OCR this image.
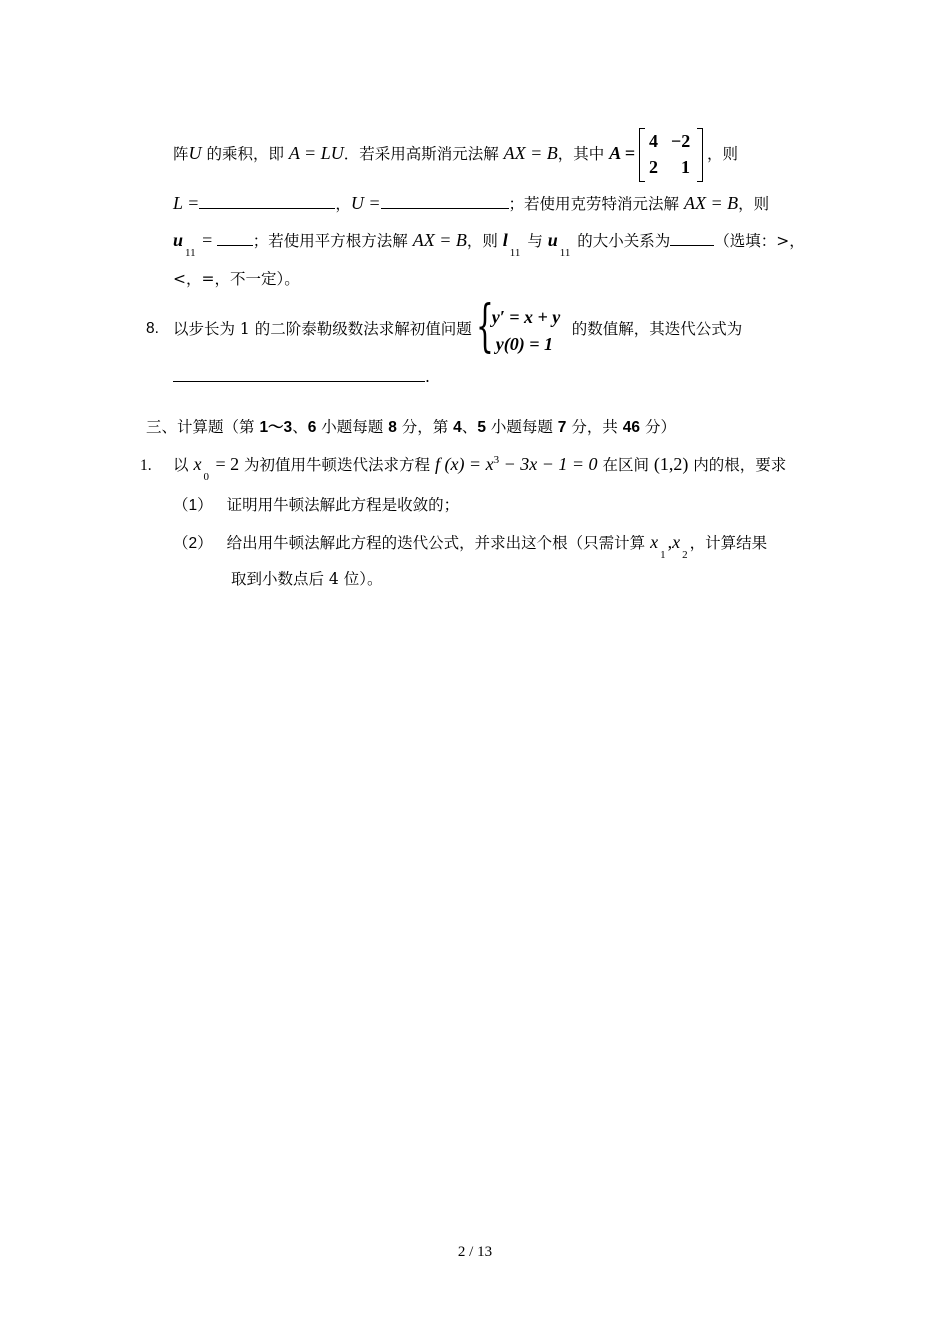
阵U 的乘积，即 A = LU．若采用高斯消元法解 AX = B，其中 A =
4 −2
2 1
，则
L =	，U =	；若使用克劳特消元法解 AX = B，则
$u_{11}$ = ；若使用平方根方法解 AX = B，则 $l_{11}$ 与 $u_{11}$ 的大小关系为	（选填：>，
<，=，不一定）。
8. 以步长为 1 的二阶泰勒级数法求解初值问题 {
y′ = x + y
y(0) = 1
的数值解，其迭代公式为
.
三、计算题（第 1～3、6 小题每题 8 分，第 4、5 小题每题 7 分，共 46 分）
1. 以 $x_0 = 2$ 为初值用牛顿迭代法求方程 f $(x) = x^3 - 3x - 1 = 0$ 在区间 (1,2) 内的根，要求
（1） 证明用牛顿法解此方程是收敛的；
（2） 给出用牛顿法解此方程的迭代公式，并求出这个根（只需计算 $x_1,x_2$，计算结果
取到小数点后 4 位）。
2 / 13
